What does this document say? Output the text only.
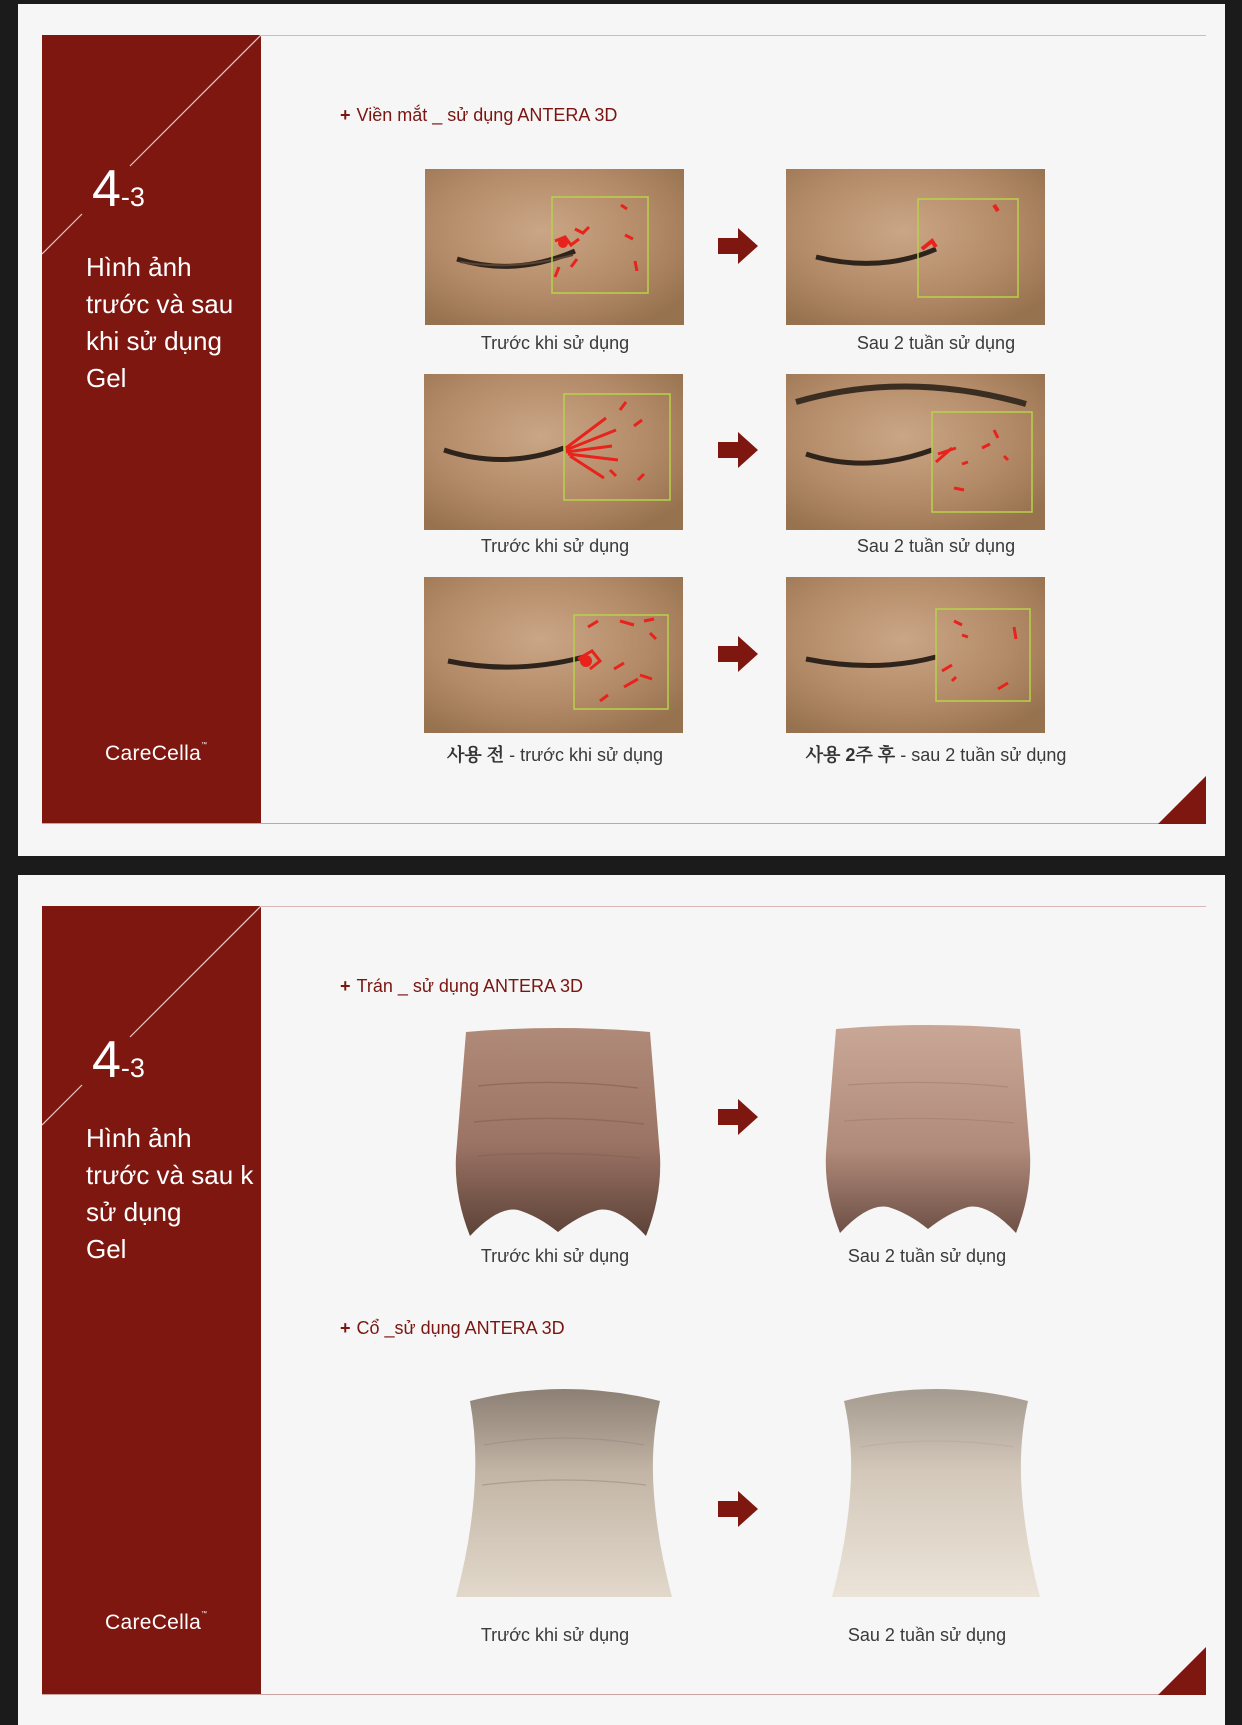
4-3
Hình ảnh
trước và sau
khi sử dụng
Gel
CareCella™
+ Viền mắt _ sử dụng ANTERA 3D
Trước khi sử dụng	Sau 2 tuần sử dụng
Trước khi sử dụng	Sau 2 tuần sử dụng
사용 전 - trước khi sử dụng	사용 2주 후 - sau 2 tuần sử dụng
4-3
Hình ảnh
trước và sau k
sử dụng
Gel
CareCella™
+ Trán _ sử dụng ANTERA 3D
Trước khi sử dụng	Sau 2 tuần sử dụng
+ Cổ _sử dụng ANTERA 3D
Trước khi sử dụng	Sau 2 tuần sử dụng
